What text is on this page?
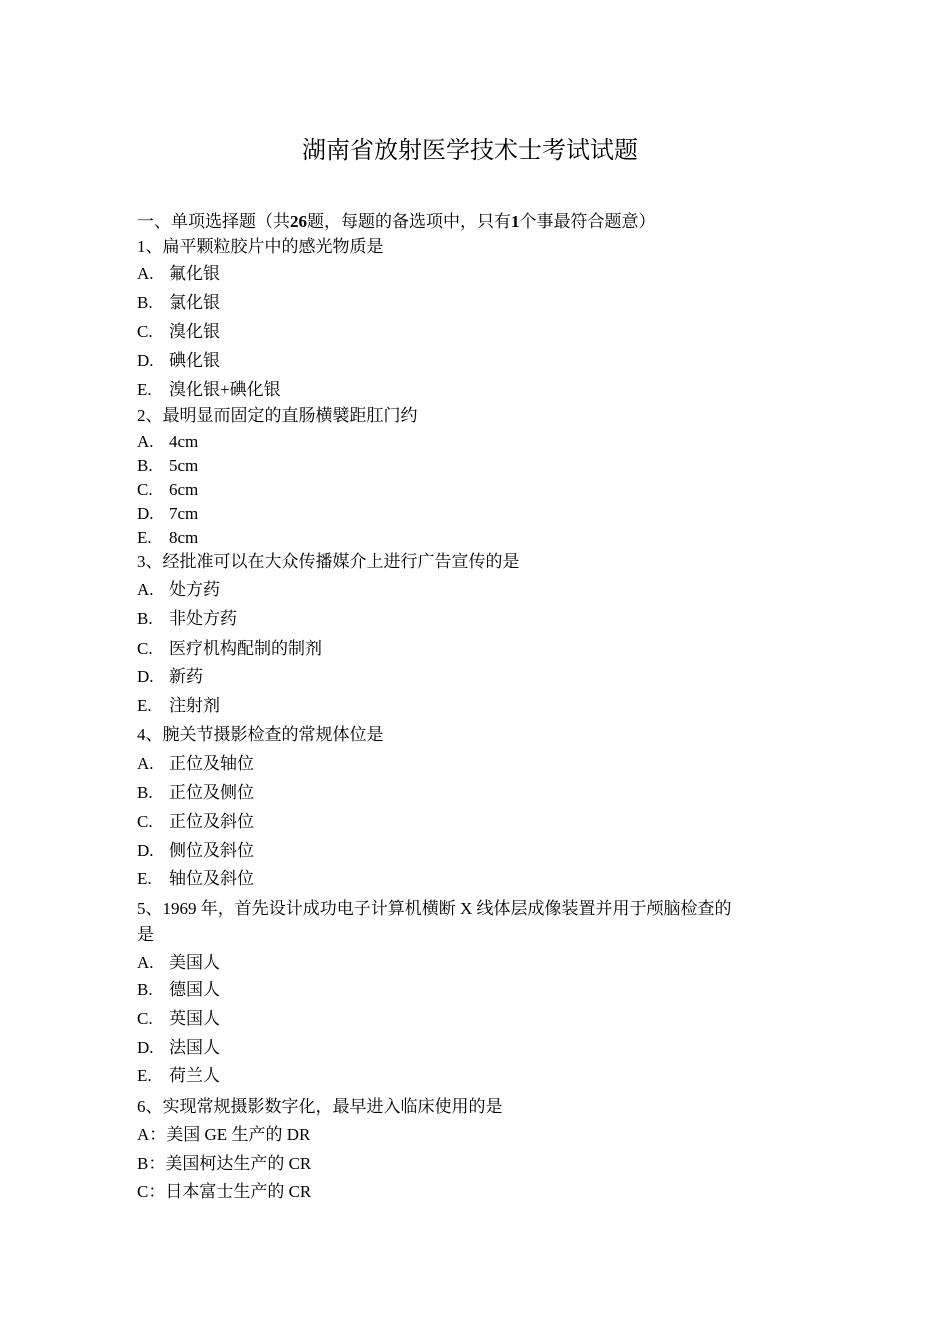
湖南省放射医学技术士考试试题
一、单项选择题（共26题，每题的备选项中，只有1个事最符合题意）
1、扁平颗粒胶片中的感光物质是
A. 氟化银
B. 氯化银
C. 溴化银
D. 碘化银
E. 溴化银+碘化银
2、最明显而固定的直肠横襞距肛门约
A. 4cm
B. 5cm
C. 6cm
D. 7cm
E. 8cm
3、经批准可以在大众传播媒介上进行广告宣传的是
A. 处方药
B. 非处方药
C. 医疗机构配制的制剂
D. 新药
E. 注射剂
4、腕关节摄影检查的常规体位是
A. 正位及轴位
B. 正位及侧位
C. 正位及斜位
D. 侧位及斜位
E. 轴位及斜位
5、1969 年，首先设计成功电子计算机横断 X 线体层成像装置并用于颅脑检查的
是
A. 美国人
B. 德国人
C. 英国人
D. 法国人
E. 荷兰人
6、实现常规摄影数字化，最早进入临床使用的是
A：美国 GE 生产的 DR
B：美国柯达生产的 CR
C：日本富士生产的 CR
